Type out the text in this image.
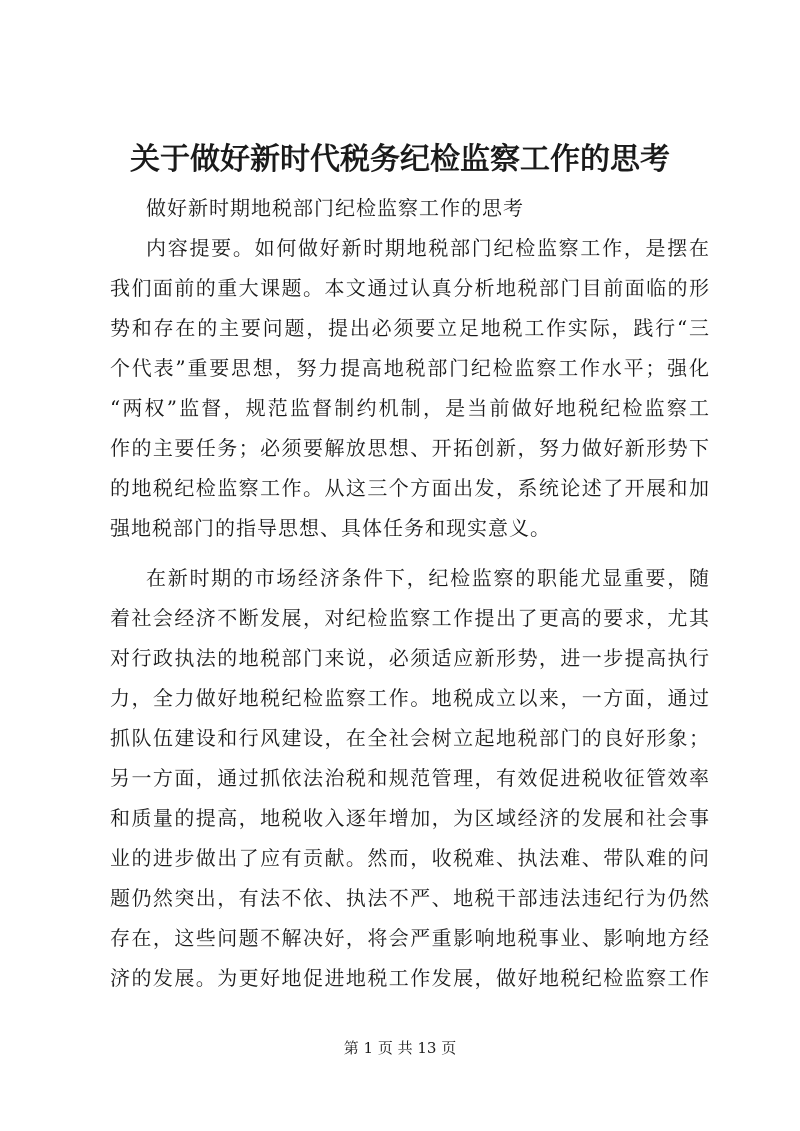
关于做好新时代税务纪检监察工作的思考
做好新时期地税部门纪检监察工作的思考
内容提要。如何做好新时期地税部门纪检监察工作，是摆在
我们面前的重大课题。本文通过认真分析地税部门目前面临的形
势和存在的主要问题，提出必须要立足地税工作实际，践行“三
个代表”重要思想，努力提高地税部门纪检监察工作水平；强化
“两权”监督，规范监督制约机制，是当前做好地税纪检监察工
作的主要任务；必须要解放思想、开拓创新，努力做好新形势下
的地税纪检监察工作。从这三个方面出发，系统论述了开展和加
强地税部门的指导思想、具体任务和现实意义。
在新时期的市场经济条件下，纪检监察的职能尤显重要，随
着社会经济不断发展，对纪检监察工作提出了更高的要求，尤其
对行政执法的地税部门来说，必须适应新形势，进一步提高执行
力，全力做好地税纪检监察工作。地税成立以来，一方面，通过
抓队伍建设和行风建设，在全社会树立起地税部门的良好形象；
另一方面，通过抓依法治税和规范管理，有效促进税收征管效率
和质量的提高，地税收入逐年增加，为区域经济的发展和社会事
业的进步做出了应有贡献。然而，收税难、执法难、带队难的问
题仍然突出，有法不依、执法不严、地税干部违法违纪行为仍然
存在，这些问题不解决好，将会严重影响地税事业、影响地方经
济的发展。为更好地促进地税工作发展，做好地税纪检监察工作
第 1 页 共 13 页
